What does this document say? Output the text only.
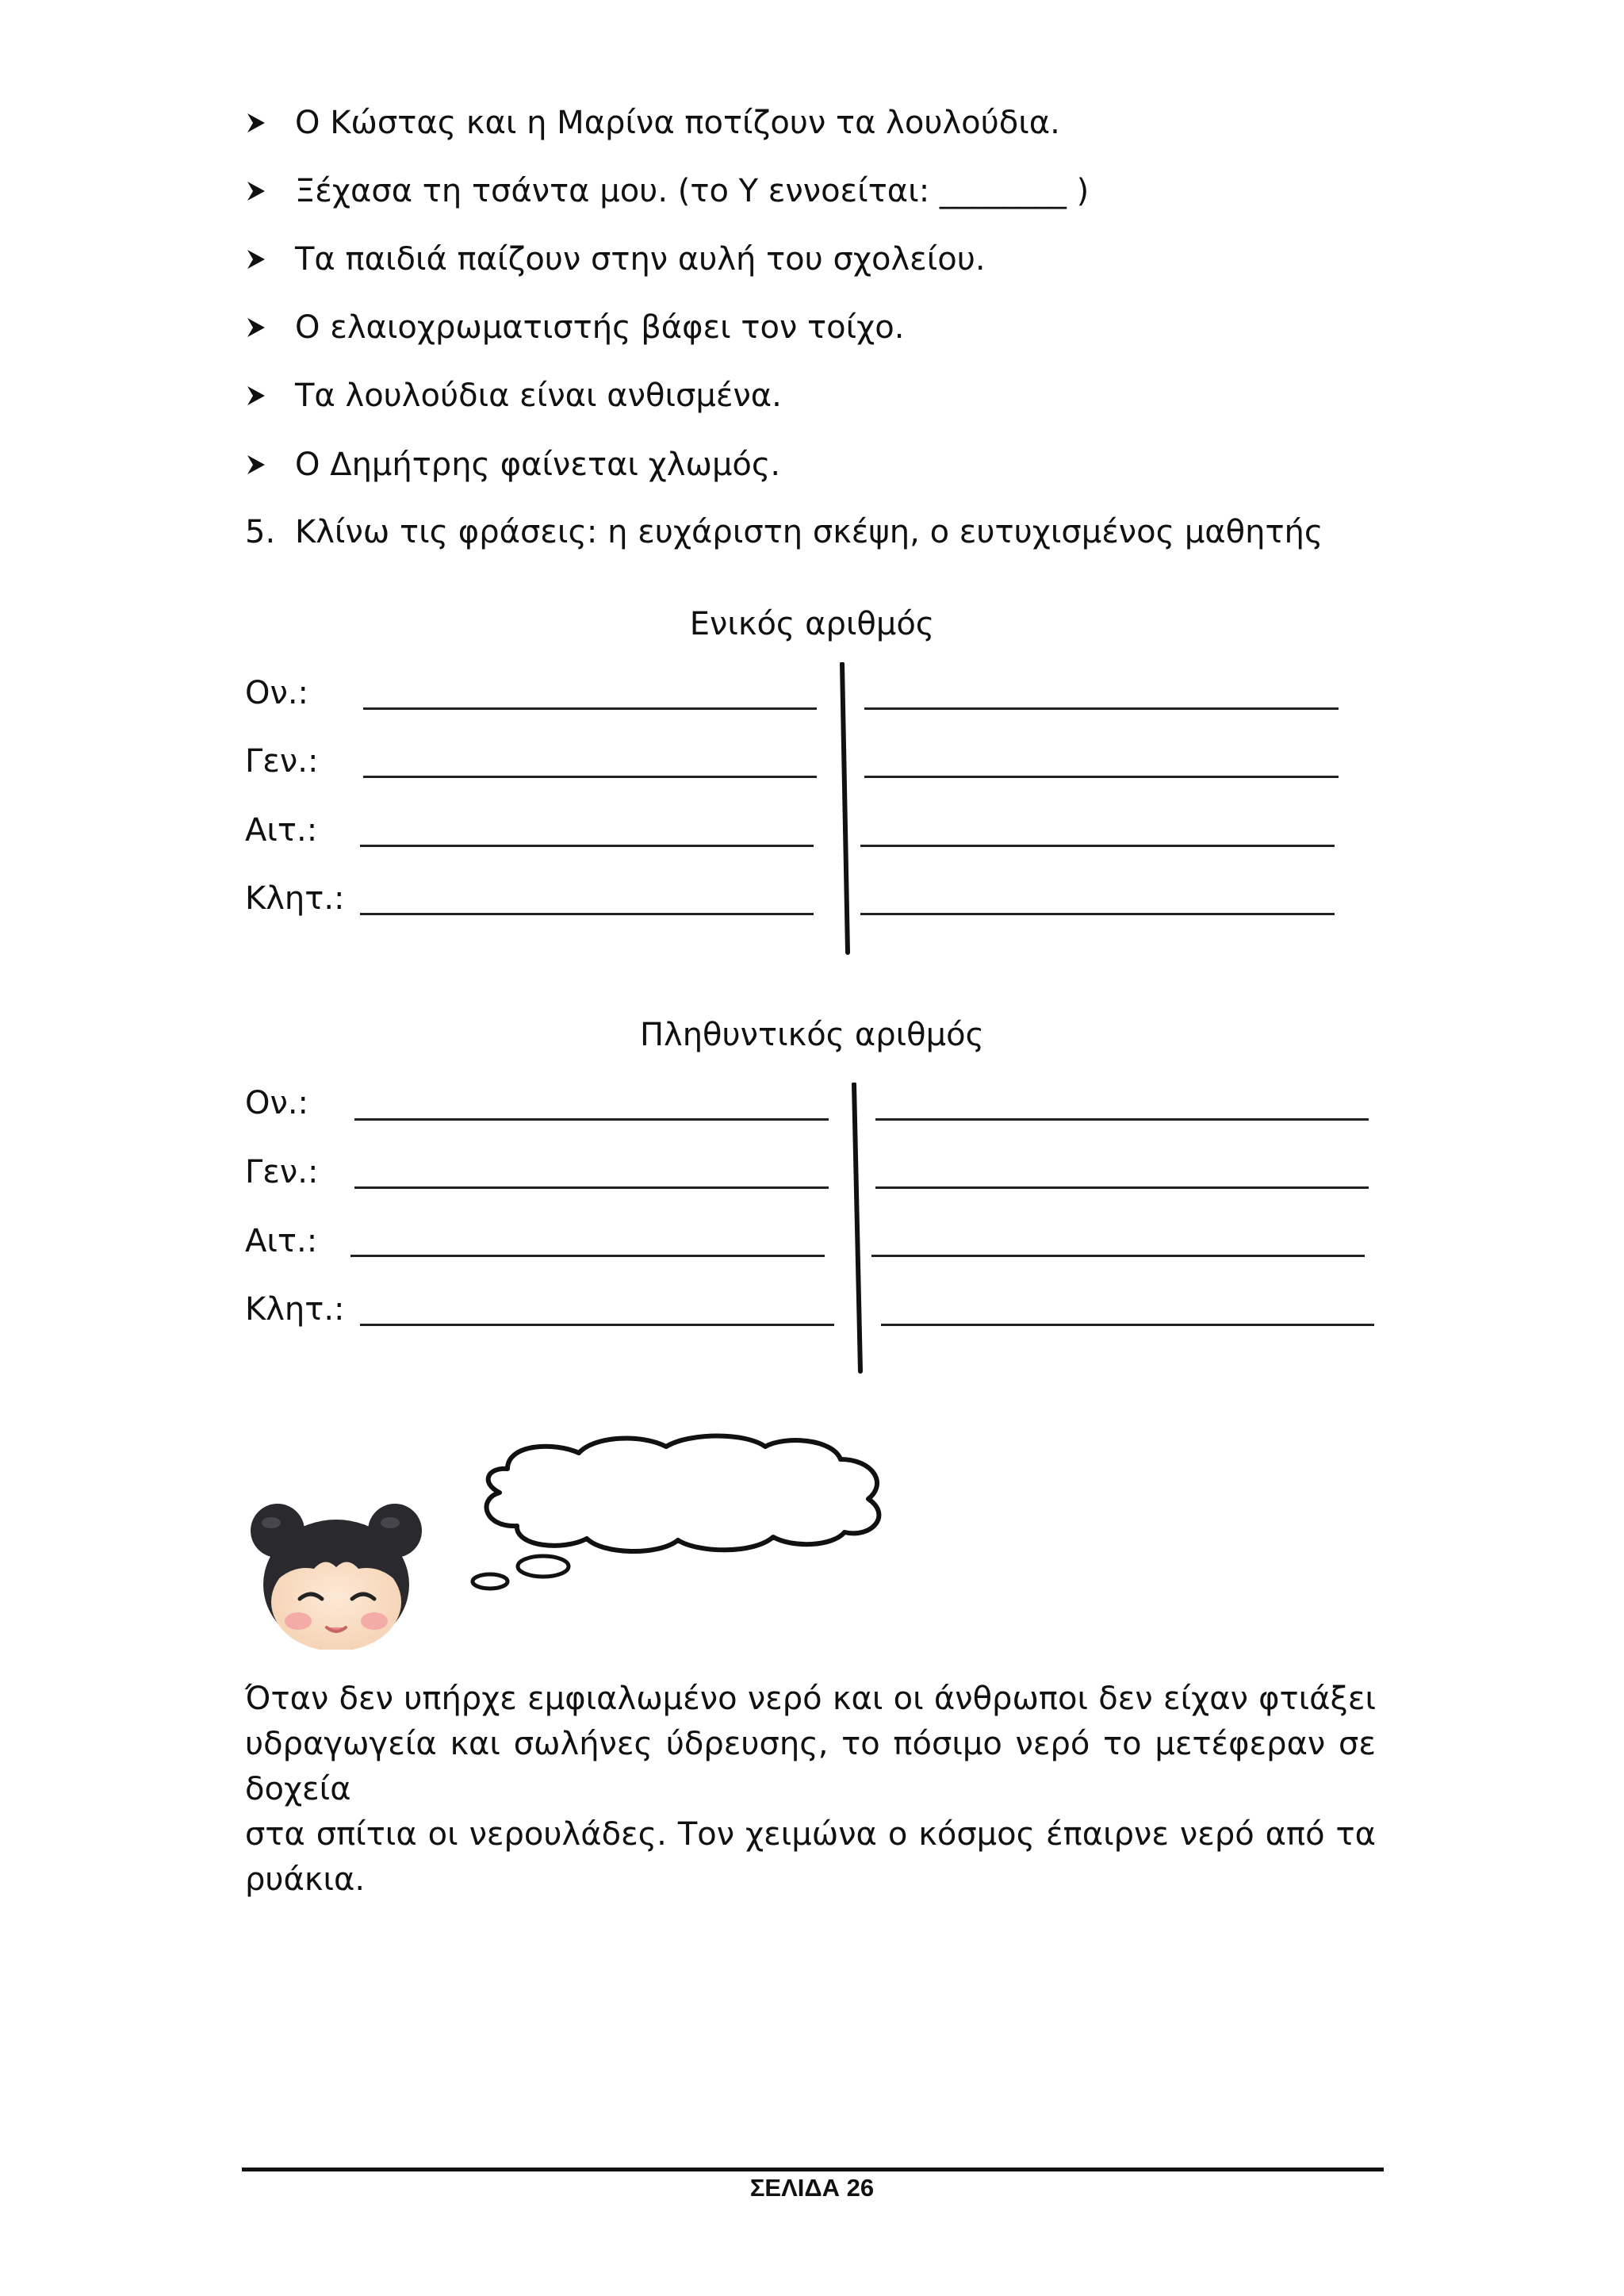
Ο Κώστας και η Μαρίνα ποτίζουν τα λουλούδια.
Ξέχασα τη τσάντα μου. (το Υ εννοείται: ________ )
Τα παιδιά παίζουν στην αυλή του σχολείου.
Ο ελαιοχρωματιστής βάφει τον τοίχο.
Τα λουλούδια είναι ανθισμένα.
Ο Δημήτρης φαίνεται χλωμός.
5. Κλίνω τις φράσεις: η ευχάριστη σκέψη, ο ευτυχισμένος μαθητής
Ενικός αριθμός
Ον.:
Γεν.:
Αιτ.:
Κλητ.:
Πληθυντικός αριθμός
Ον.:
Γεν.:
Αιτ.:
Κλητ.:
Όταν δεν υπήρχε εμφιαλωμένο νερό και οι άνθρωποι δεν είχαν φτιάξει
υδραγωγεία και σωλήνες ύδρευσης, το πόσιμο νερό το μετέφεραν σε δοχεία
στα σπίτια οι νερουλάδες. Τον χειμώνα ο κόσμος έπαιρνε νερό από τα ρυάκια.
ΣΕΛΙΔΑ 26
